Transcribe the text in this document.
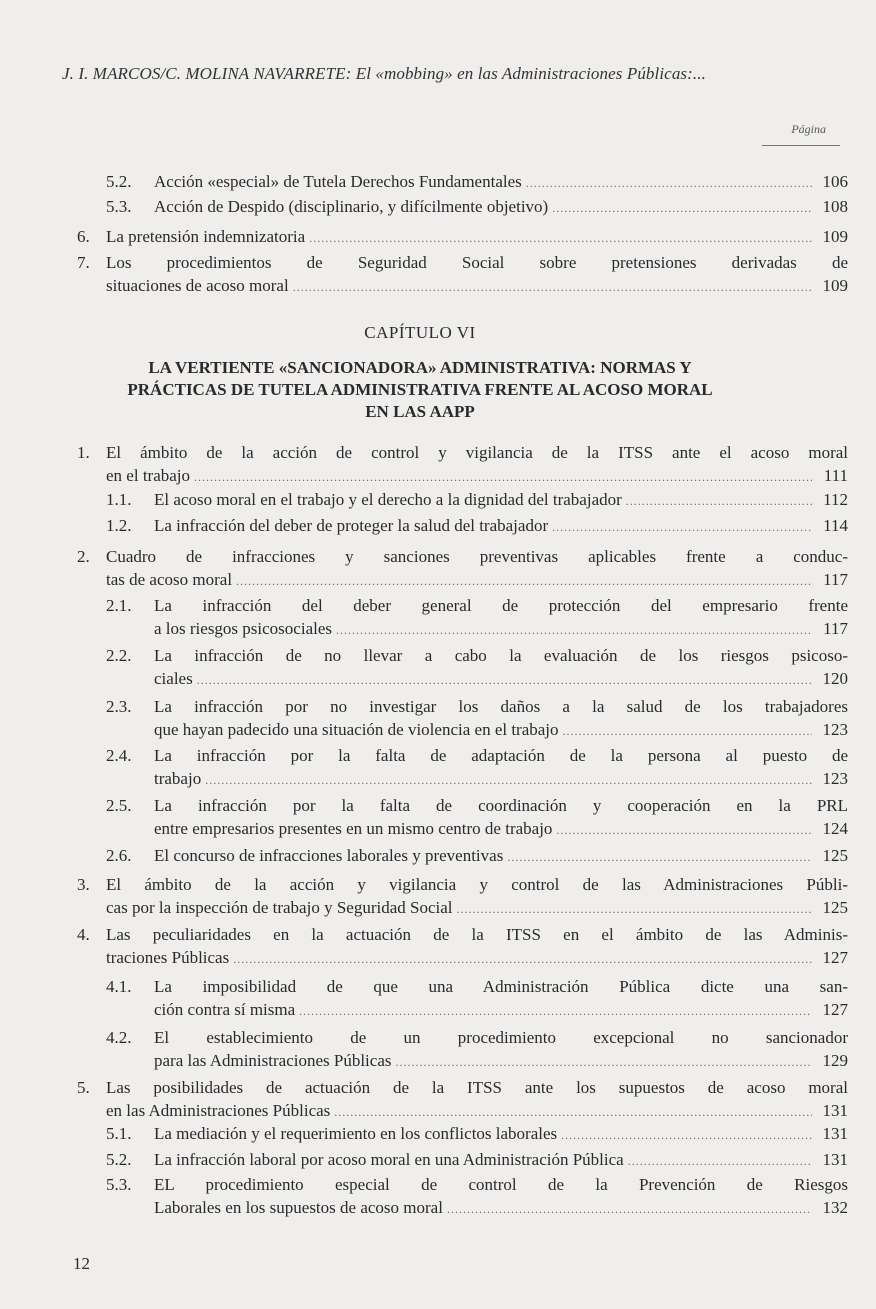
J. I. MARCOS/C. MOLINA NAVARRETE: El «mobbing» en las Administraciones Públicas:...
Página
5.2. Acción «especial» de Tutela Derechos Fundamentales .....	106
5.3. Acción de Despido (disciplinario, y difícilmente objetivo) .....	108
6. La pretensión indemnizatoria .....	109
7. Los procedimientos de Seguridad Social sobre pretensiones derivadas de
situaciones de acoso moral .....	109
CAPÍTULO VI
LA VERTIENTE «SANCIONADORA» ADMINISTRATIVA: NORMAS Y
PRÁCTICAS DE TUTELA ADMINISTRATIVA FRENTE AL ACOSO MORAL
EN LAS AAPP
1. El ámbito de la acción de control y vigilancia de la ITSS ante el acoso moral
en el trabajo .....	111
1.1. El acoso moral en el trabajo y el derecho a la dignidad del trabajador .....	112
1.2. La infracción del deber de proteger la salud del trabajador .....	114
2. Cuadro de infracciones y sanciones preventivas aplicables frente a conduc-
tas de acoso moral .....	117
2.1. La infracción del deber general de protección del empresario frente
a los riesgos psicosociales .....	117
2.2. La infracción de no llevar a cabo la evaluación de los riesgos psicoso-
ciales .....	120
2.3. La infracción por no investigar los daños a la salud de los trabajadores
que hayan padecido una situación de violencia en el trabajo .....	123
2.4. La infracción por la falta de adaptación de la persona al puesto de
trabajo .....	123
2.5. La infracción por la falta de coordinación y cooperación en la PRL
entre empresarios presentes en un mismo centro de trabajo .....	124
2.6. El concurso de infracciones laborales y preventivas .....	125
3. El ámbito de la acción y vigilancia y control de las Administraciones Públi-
cas por la inspección de trabajo y Seguridad Social .....	125
4. Las peculiaridades en la actuación de la ITSS en el ámbito de las Adminis-
traciones Públicas .....	127
4.1. La imposibilidad de que una Administración Pública dicte una san-
ción contra sí misma .....	127
4.2. El establecimiento de un procedimiento excepcional no sancionador
para las Administraciones Públicas .....	129
5. Las posibilidades de actuación de la ITSS ante los supuestos de acoso moral
en las Administraciones Públicas .....	131
5.1. La mediación y el requerimiento en los conflictos laborales .....	131
5.2. La infracción laboral por acoso moral en una Administración Pública .....	131
5.3. EL procedimiento especial de control de la Prevención de Riesgos
Laborales en los supuestos de acoso moral .....	132
12
